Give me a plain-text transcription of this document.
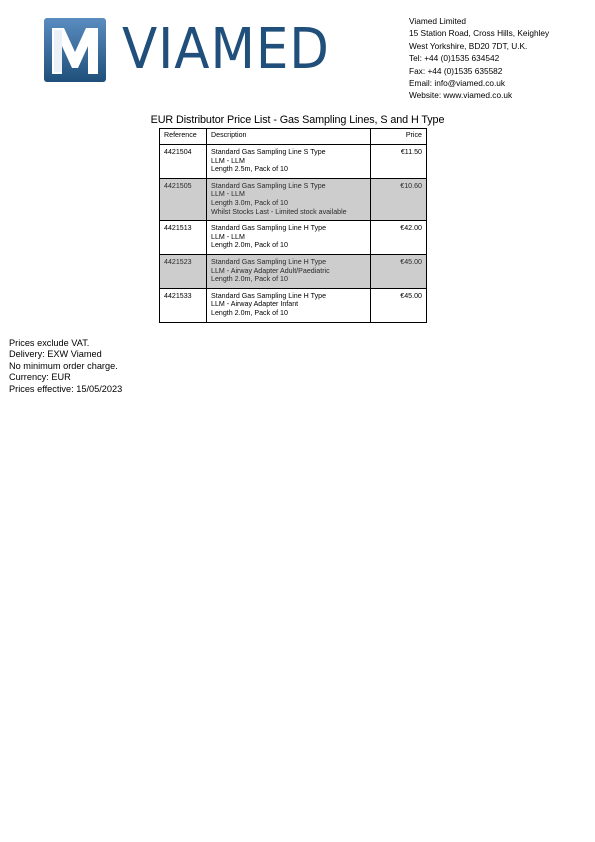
VIAMED	Viamed Limited
15 Station Road, Cross Hills, Keighley
West Yorkshire, BD20 7DT, U.K.
Tel: +44 (0)1535 634542
Fax: +44 (0)1535 635582
Email: info@viamed.co.uk
Website: www.viamed.co.uk
EUR Distributor Price List - Gas Sampling Lines, S and H Type
Reference	Description	Price
4421504	Standard Gas Sampling Line S Type
LLM - LLM
Length 2.5m, Pack of 10	€11.50
4421505	Standard Gas Sampling Line S Type
LLM - LLM
Length 3.0m, Pack of 10
Whilst Stocks Last - Limited stock available	€10.60
4421513	Standard Gas Sampling Line H Type
LLM - LLM
Length 2.0m, Pack of 10	€42.00
4421523	Standard Gas Sampling Line H Type
LLM - Airway Adapter Adult/Paediatric
Length 2.0m, Pack of 10	€45.00
4421533	Standard Gas Sampling Line H Type
LLM - Airway Adapter Infant
Length 2.0m, Pack of 10	€45.00
Prices exclude VAT.
Delivery: EXW Viamed
No minimum order charge.
Currency: EUR
Prices effective: 15/05/2023
